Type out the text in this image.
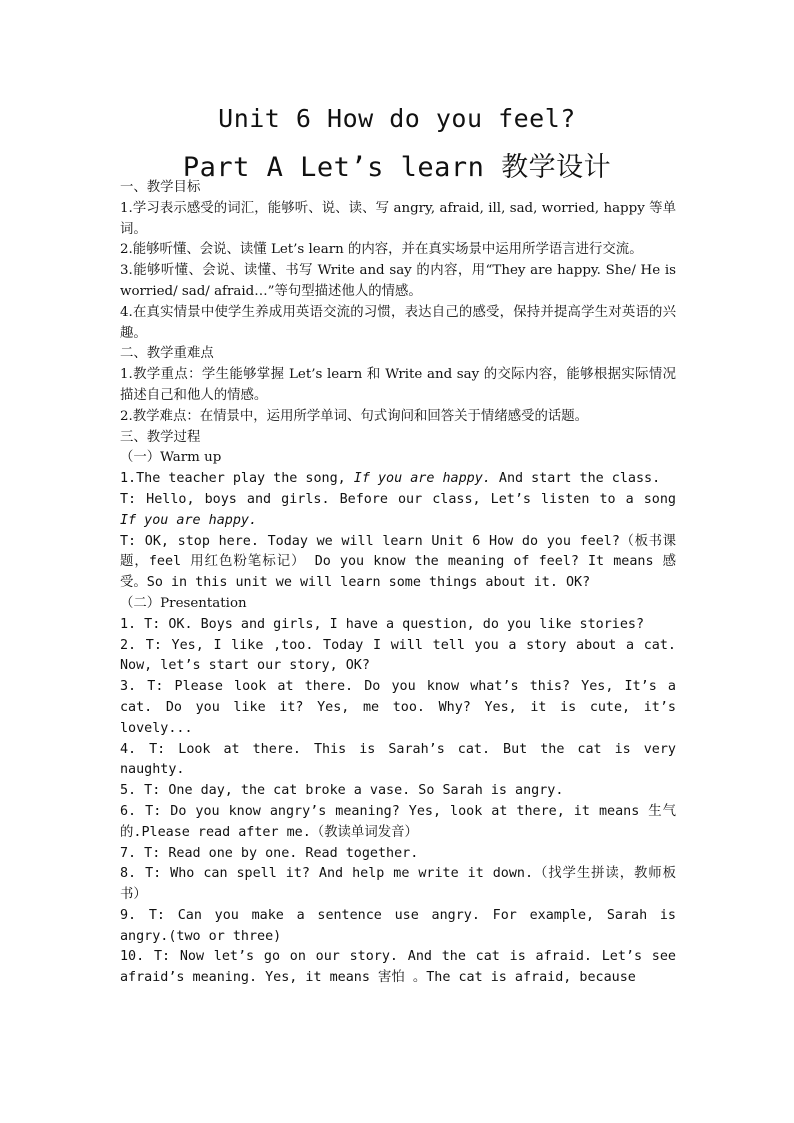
Unit 6 How do you feel?
Part A Let’s learn 教学设计

一、教学目标

1.学习表示感受的词汇，能够听、说、读、写 angry, afraid, ill, sad, worried, happy 等单词。

2.能够听懂、会说、读懂 Let’s learn 的内容，并在真实场景中运用所学语言进行交流。

3.能够听懂、会说、读懂、书写 Write and say 的内容，用“They are happy. She/ He is worried/ sad/ afraid…”等句型描述他人的情感。

4.在真实情景中使学生养成用英语交流的习惯，表达自己的感受，保持并提高学生对英语的兴趣。

二、教学重难点

1.教学重点：学生能够掌握 Let’s learn 和 Write and say 的交际内容，能够根据实际情况描述自己和他人的情感。

2.教学难点：在情景中，运用所学单词、句式询问和回答关于情绪感受的话题。

三、教学过程

（一）Warm up

1.The teacher play the song, If you are happy. And start the class.

T: Hello, boys and girls. Before our class, Let’s listen to a song If you are happy.

T: OK, stop here. Today we will learn Unit 6 How do you feel?（板书课题，feel 用红色粉笔标记） Do you know the meaning of feel? It means 感受。So in this unit we will learn some things about it. OK?

（二）Presentation

1. T: OK. Boys and girls, I have a question, do you like stories?

2. T: Yes, I like ,too. Today I will tell you a story about a cat. Now, let’s start our story, OK?

3. T: Please look at there. Do you know what’s this? Yes, It’s a cat. Do you like it? Yes, me too. Why? Yes, it is cute, it’s lovely...

4. T: Look at there. This is Sarah’s cat. But the cat is very naughty.

5. T: One day, the cat broke a vase. So Sarah is angry.

6. T: Do you know angry’s meaning? Yes, look at there, it means 生气的.Please read after me.（教读单词发音）

7. T: Read one by one. Read together.

8. T: Who can spell it? And help me write it down.（找学生拼读，教师板书）

9. T: Can you make a sentence use angry. For example, Sarah is angry.(two or three)

10. T: Now let’s go on our story. And the cat is afraid. Let’s see afraid’s meaning. Yes, it means 害怕 。The cat is afraid, because
